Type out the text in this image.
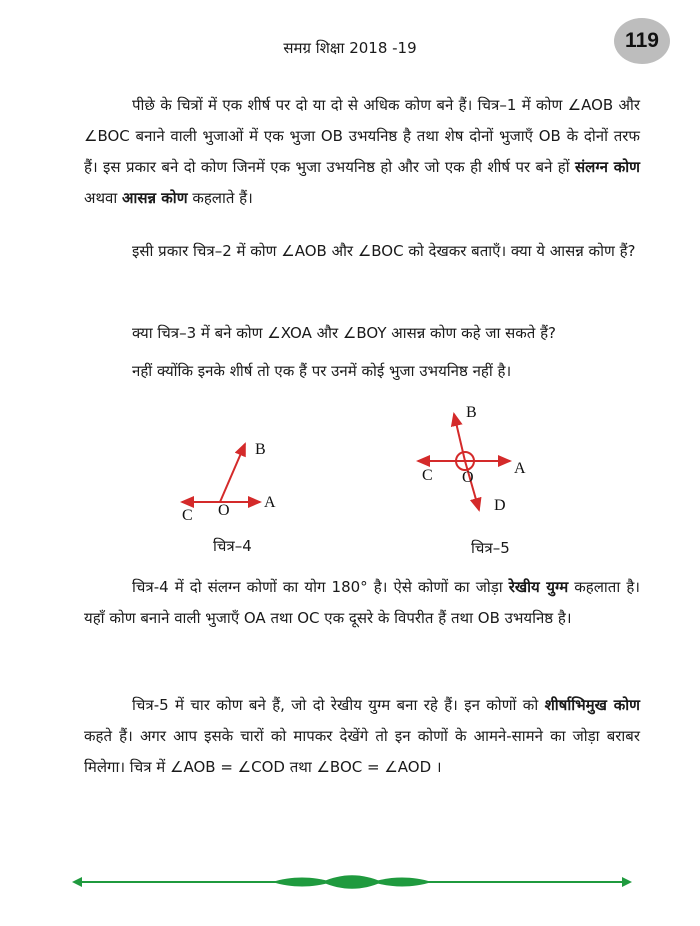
समग्र शिक्षा 2018 -19	119

पीछे के चित्रों में एक शीर्ष पर दो या दो से अधिक कोण बने हैं। चित्र–1 में कोण ∠AOB और ∠BOC बनाने वाली भुजाओं में एक भुजा OB उभयनिष्ठ है तथा शेष दोनों भुजाएँ OB के दोनों तरफ हैं। इस प्रकार बने दो कोण जिनमें एक भुजा उभयनिष्ठ हो और जो एक ही शीर्ष पर बने हों संलग्न कोण अथवा आसन्न कोण कहलाते हैं।

इसी प्रकार चित्र–2 में कोण ∠AOB और ∠BOC को देखकर बताएँ। क्या ये आसन्न कोण हैं?

क्या चित्र–3 में बने कोण ∠XOA और ∠BOY आसन्न कोण कहे जा सकते हैं?

नहीं क्योंकि इनके शीर्ष तो एक हैं पर उनमें कोई भुजा उभयनिष्ठ नहीं है।

A
B
C O
चित्र–4
B
C O
A
D
चित्र–5

चित्र-4 में दो संलग्न कोणों का योग 180° है। ऐसे कोणों का जोड़ा रेखीय युग्म कहलाता है। यहाँ कोण बनाने वाली भुजाएँ OA तथा OC एक दूसरे के विपरीत हैं तथा OB उभयनिष्ठ है।

चित्र-5 में चार कोण बने हैं, जो दो रेखीय युग्म बना रहे हैं। इन कोणों को शीर्षाभिमुख कोण कहते हैं। अगर आप इसके चारों को मापकर देखेंगे तो इन कोणों के आमने-सामने का जोड़ा बराबर मिलेगा। चित्र में ∠AOB = ∠COD तथा ∠BOC = ∠AOD ।
